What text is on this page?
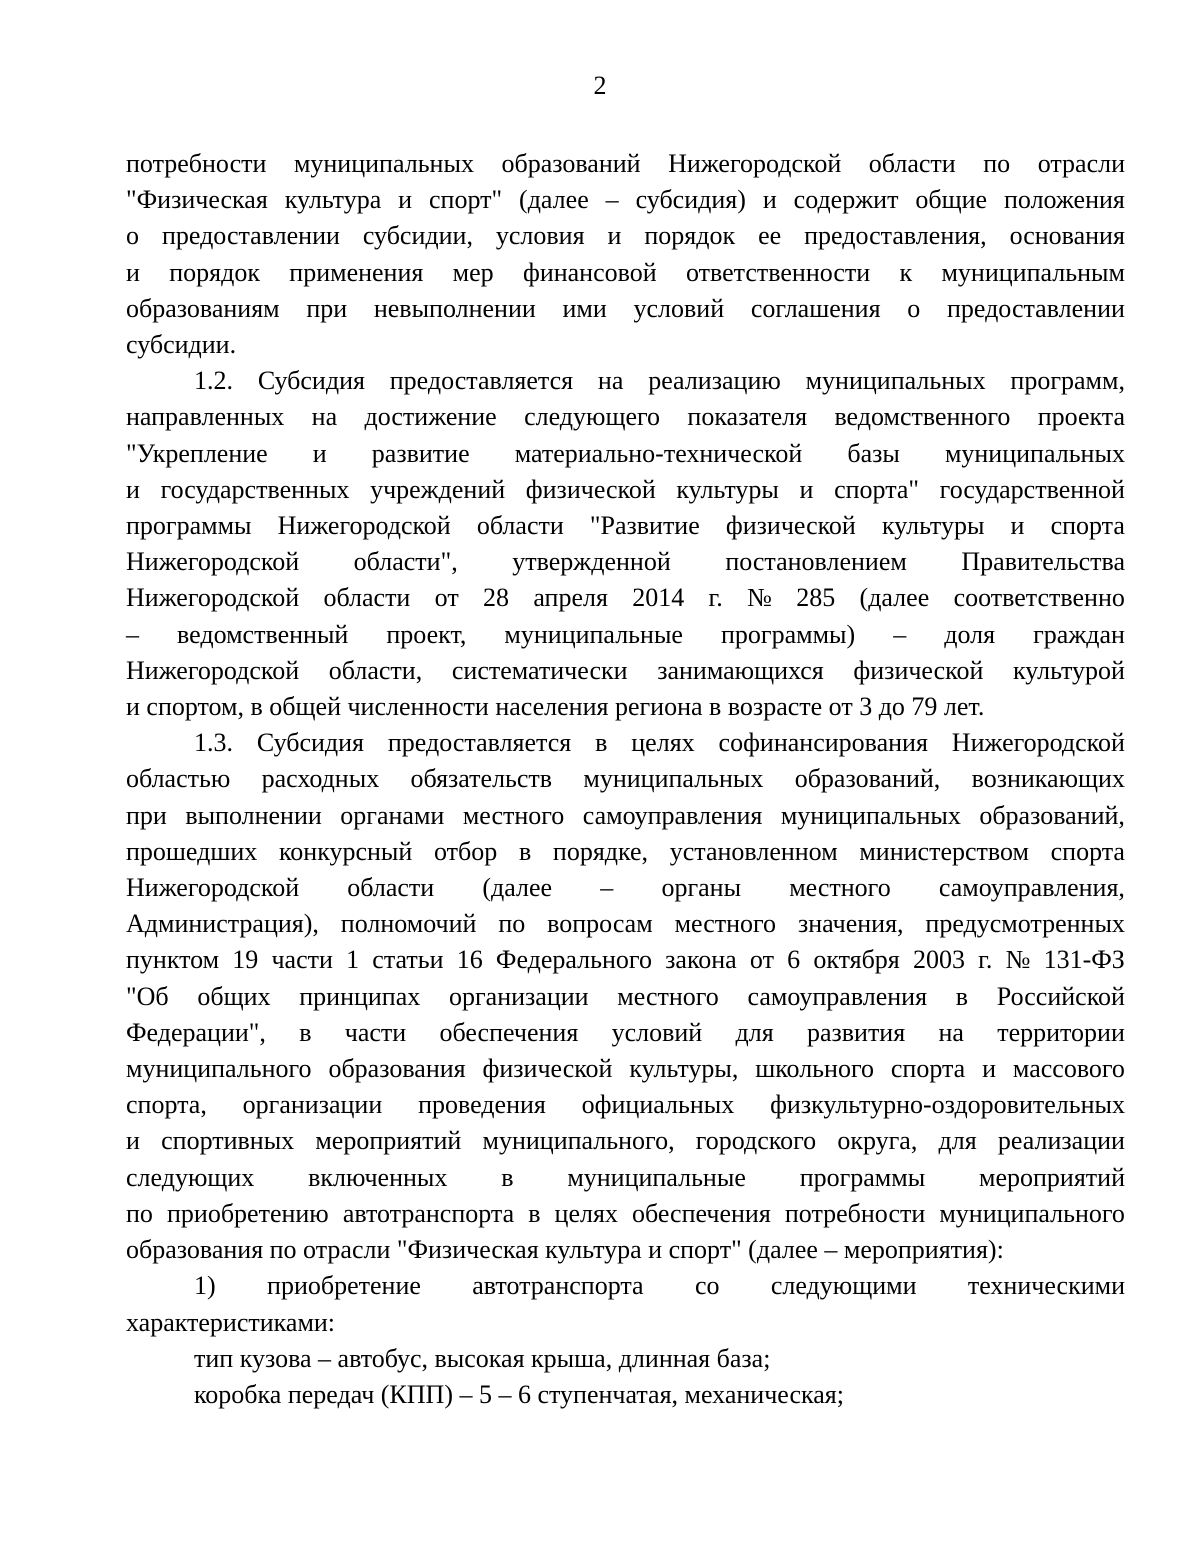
2
потребности муниципальных образований Нижегородской области по отрасли
"Физическая культура и спорт" (далее – субсидия) и содержит общие положения
о предоставлении субсидии, условия и порядок ее предоставления, основания
и порядок применения мер финансовой ответственности к муниципальным
образованиям при невыполнении ими условий соглашения о предоставлении
субсидии.
1.2. Субсидия предоставляется на реализацию муниципальных программ,
направленных на достижение следующего показателя ведомственного проекта
"Укрепление и развитие материально-технической базы муниципальных
и государственных учреждений физической культуры и спорта" государственной
программы Нижегородской области "Развитие физической культуры и спорта
Нижегородской области", утвержденной постановлением Правительства
Нижегородской области от 28 апреля 2014 г. № 285 (далее соответственно
– ведомственный проект, муниципальные программы) – доля граждан
Нижегородской области, систематически занимающихся физической культурой
и спортом, в общей численности населения региона в возрасте от 3 до 79 лет.
1.3. Субсидия предоставляется в целях софинансирования Нижегородской
областью расходных обязательств муниципальных образований, возникающих
при выполнении органами местного самоуправления муниципальных образований,
прошедших конкурсный отбор в порядке, установленном министерством спорта
Нижегородской области (далее – органы местного самоуправления,
Администрация), полномочий по вопросам местного значения, предусмотренных
пунктом 19 части 1 статьи 16 Федерального закона от 6 октября 2003 г. № 131-ФЗ
"Об общих принципах организации местного самоуправления в Российской
Федерации", в части обеспечения условий для развития на территории
муниципального образования физической культуры, школьного спорта и массового
спорта, организации проведения официальных физкультурно-оздоровительных
и спортивных мероприятий муниципального, городского округа, для реализации
следующих включенных в муниципальные программы мероприятий
по приобретению автотранспорта в целях обеспечения потребности муниципального
образования по отрасли "Физическая культура и спорт" (далее – мероприятия):
1) приобретение автотранспорта со следующими техническими
характеристиками:
тип кузова – автобус, высокая крыша, длинная база;
коробка передач (КПП) – 5 – 6 ступенчатая, механическая;
